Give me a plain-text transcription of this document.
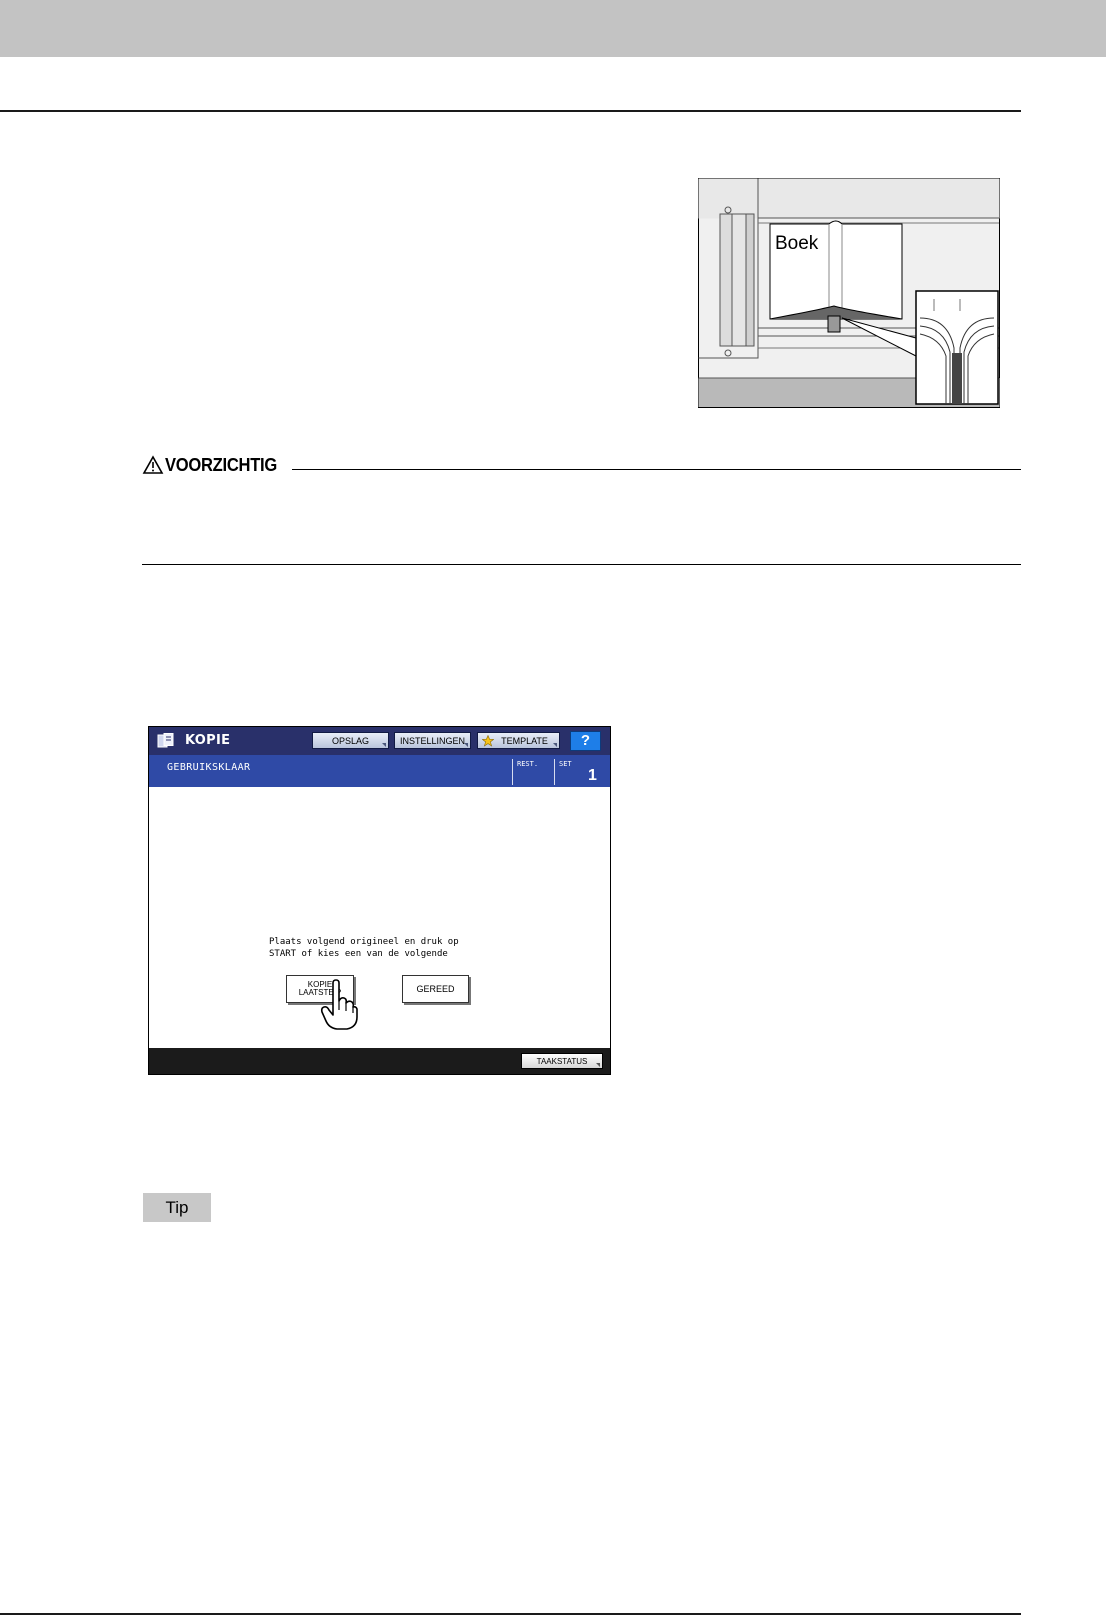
Boek
VOORZICHTIG
KOPIE	OPSLAG	INSTELLINGEN	TEMPLATE	?
GEBRUIKSKLAAR	REST.	SET
1
Plaats volgend origineel en druk op
START of kies een van de volgende
KOPIE
LAATSTE P	GEREED
TAAKSTATUS
Tip
